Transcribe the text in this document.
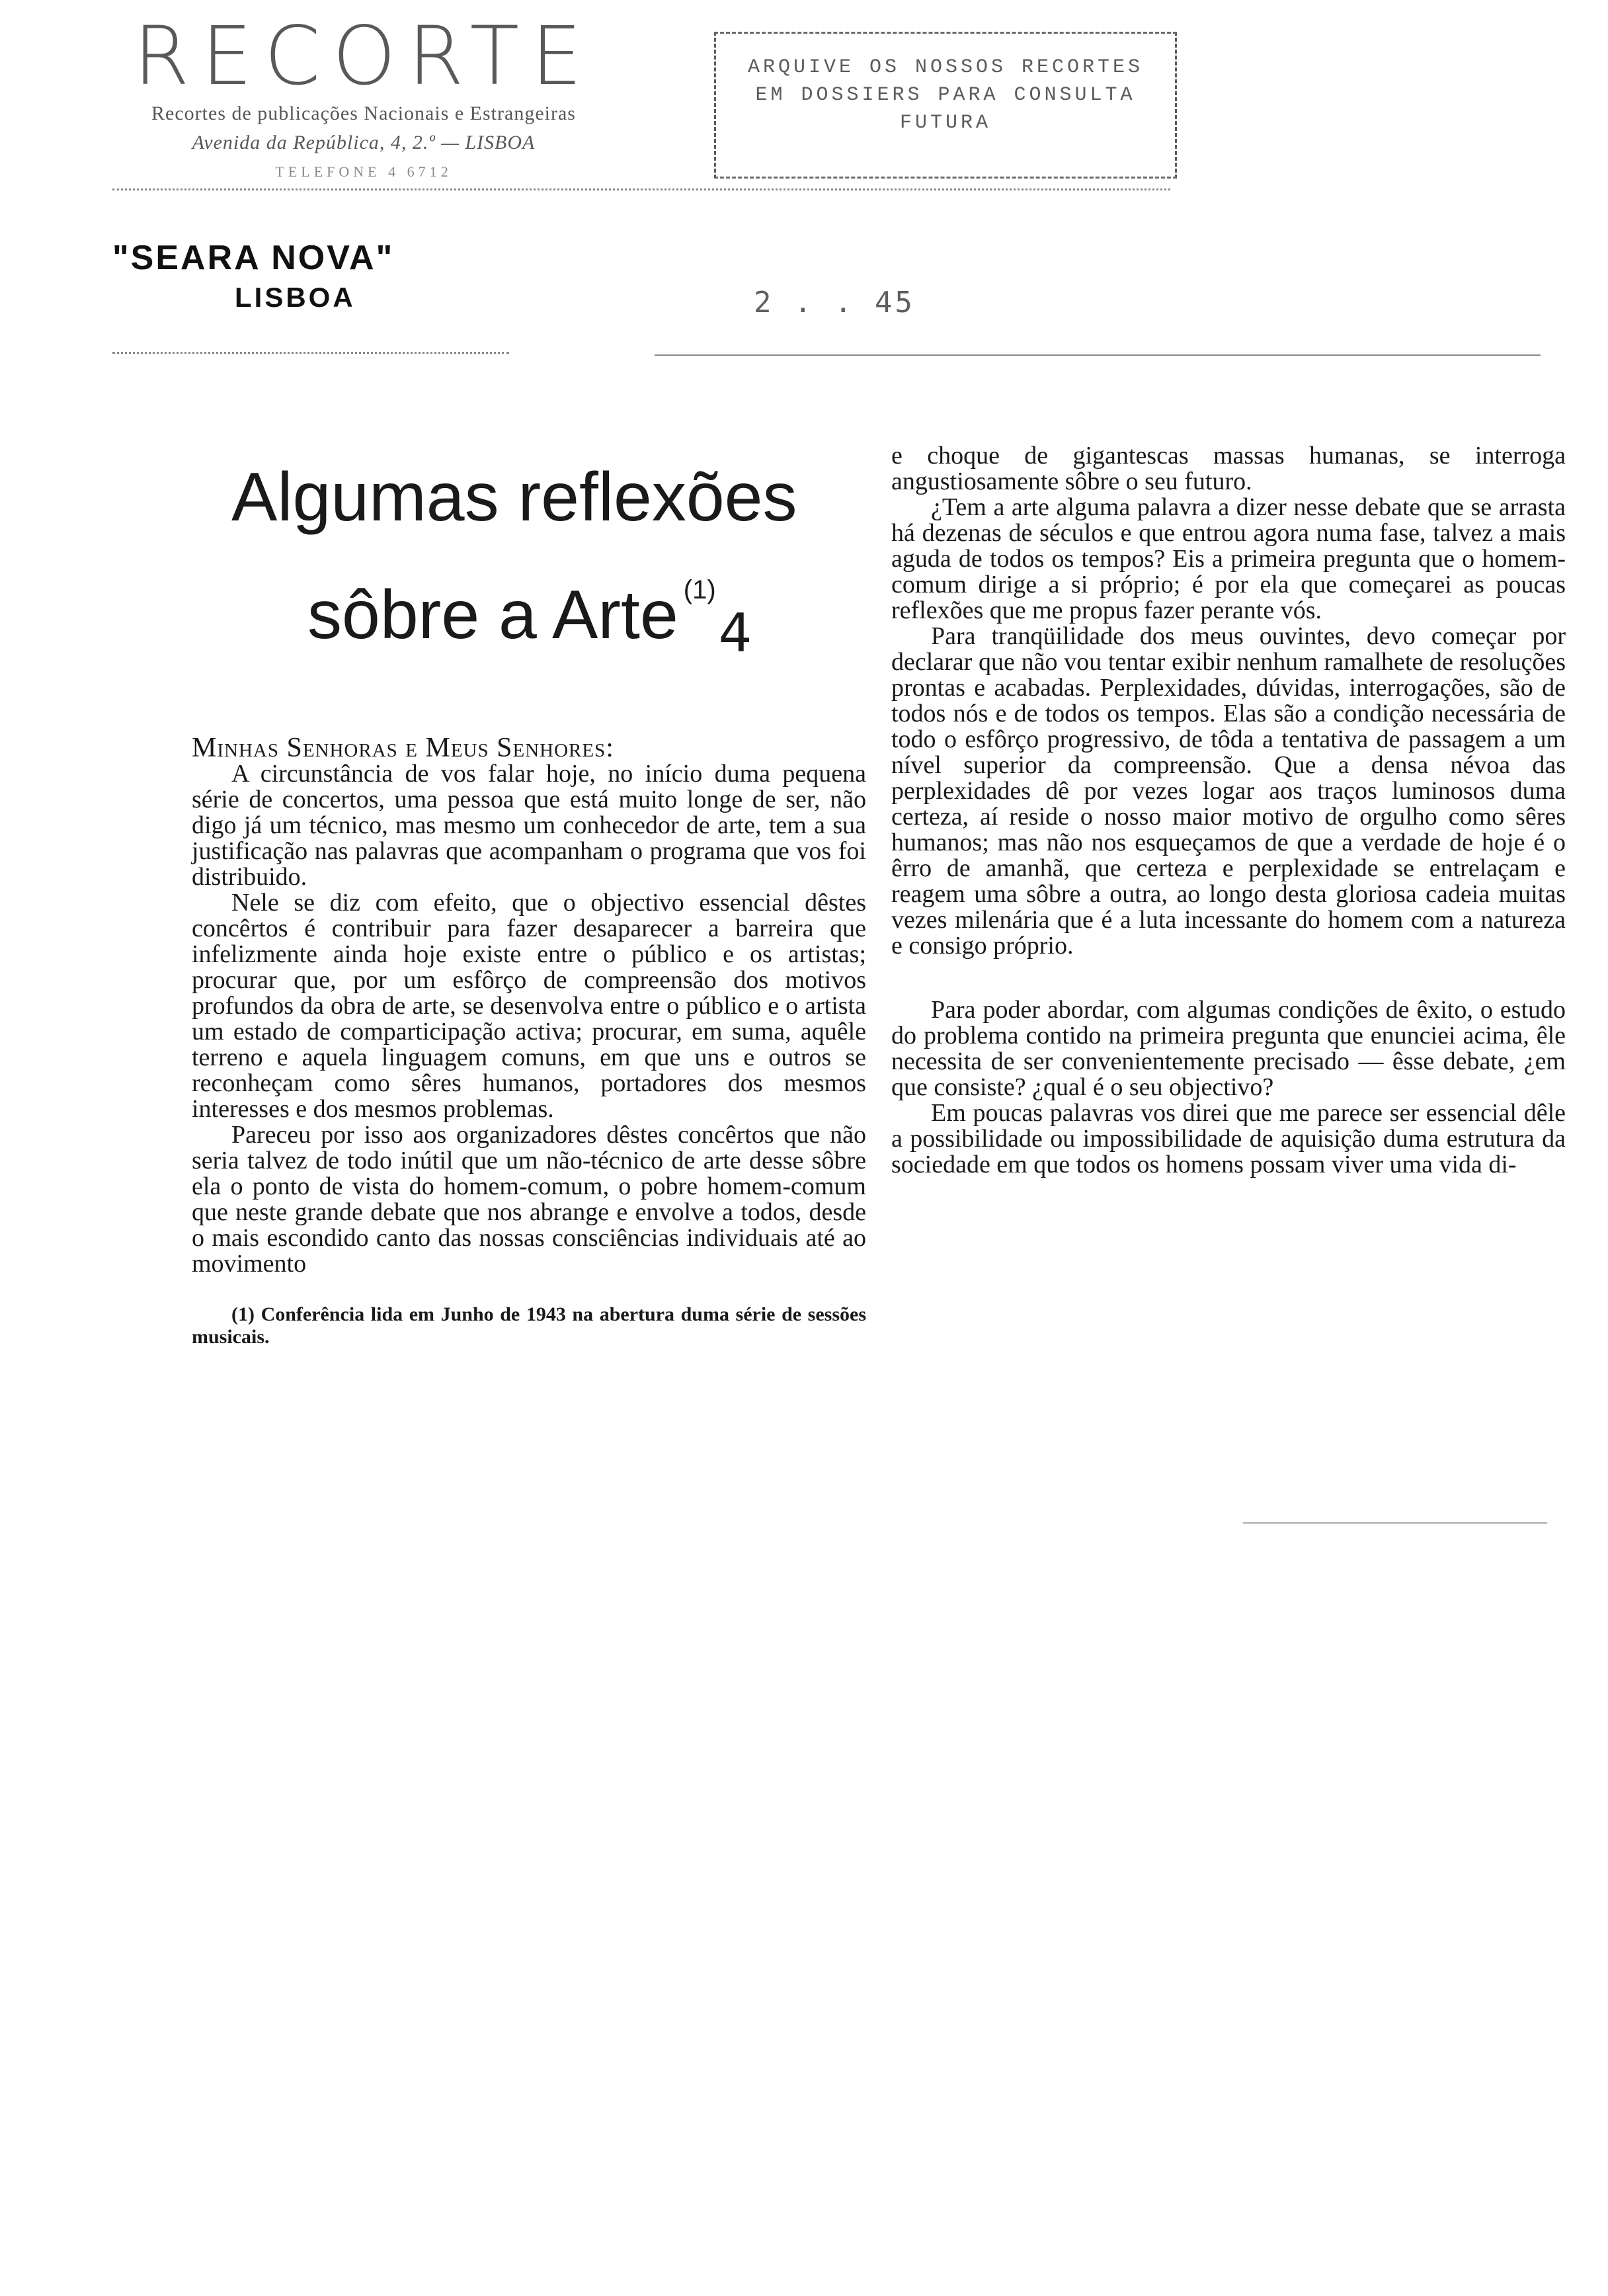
RECORTE
Recortes de publicações Nacionais e Estrangeiras
Avenida da República, 4, 2.º — LISBOA
TELEFONE 4 6712
ARQUIVE OS NOSSOS RECORTES EM DOSSIERS PARA CONSULTA FUTURA
"SEARA NOVA"
LISBOA	2 . . 45
Algumas reflexões
sôbre a Arte $^{(1)}$4

Minhas Senhoras e Meus Senhores:

A circunstância de vos falar hoje, no início duma pequena série de concertos, uma pessoa que está muito longe de ser, não digo já um técnico, mas mesmo um conhecedor de arte, tem a sua justificação nas palavras que acompanham o programa que vos foi distribuido.

Nele se diz com efeito, que o objectivo essencial dêstes concêrtos é contribuir para fazer desaparecer a barreira que infelizmente ainda hoje existe entre o público e os artistas; procurar que, por um esfôrço de compreensão dos motivos profundos da obra de arte, se desenvolva entre o público e o artista um estado de comparticipação activa; procurar, em suma, aquêle terreno e aquela linguagem comuns, em que uns e outros se reconheçam como sêres humanos, portadores dos mesmos interesses e dos mesmos problemas.

Pareceu por isso aos organizadores dêstes concêrtos que não seria talvez de todo inútil que um não-técnico de arte desse sôbre ela o ponto de vista do homem-comum, o pobre homem-comum que neste grande debate que nos abrange e envolve a todos, desde o mais escondido canto das nossas consciências individuais até ao movimento

(1) Conferência lida em Junho de 1943 na abertura duma série de sessões musicais.

e choque de gigantescas massas humanas, se interroga angustiosamente sôbre o seu futuro.

¿Tem a arte alguma palavra a dizer nesse debate que se arrasta há dezenas de séculos e que entrou agora numa fase, talvez a mais aguda de todos os tempos? Eis a primeira pregunta que o homem-comum dirige a si próprio; é por ela que começarei as poucas reflexões que me propus fazer perante vós.

Para tranqüilidade dos meus ouvintes, devo começar por declarar que não vou tentar exibir nenhum ramalhete de resoluções prontas e acabadas. Perplexidades, dúvidas, interrogações, são de todos nós e de todos os tempos. Elas são a condição necessária de todo o esfôrço progressivo, de tôda a tentativa de passagem a um nível superior da compreensão. Que a densa névoa das perplexidades dê por vezes logar aos traços luminosos duma certeza, aí reside o nosso maior motivo de orgulho como sêres humanos; mas não nos esqueçamos de que a verdade de hoje é o êrro de amanhã, que certeza e perplexidade se entrelaçam e reagem uma sôbre a outra, ao longo desta gloriosa cadeia muitas vezes milenária que é a luta incessante do homem com a natureza e consigo próprio.

Para poder abordar, com algumas condições de êxito, o estudo do problema contido na primeira pregunta que enunciei acima, êle necessita de ser convenientemente precisado — êsse debate, ¿em que consiste? ¿qual é o seu objectivo?

Em poucas palavras vos direi que me parece ser essencial dêle a possibilidade ou impossibilidade de aquisição duma estrutura da sociedade em que todos os homens possam viver uma vida di-
